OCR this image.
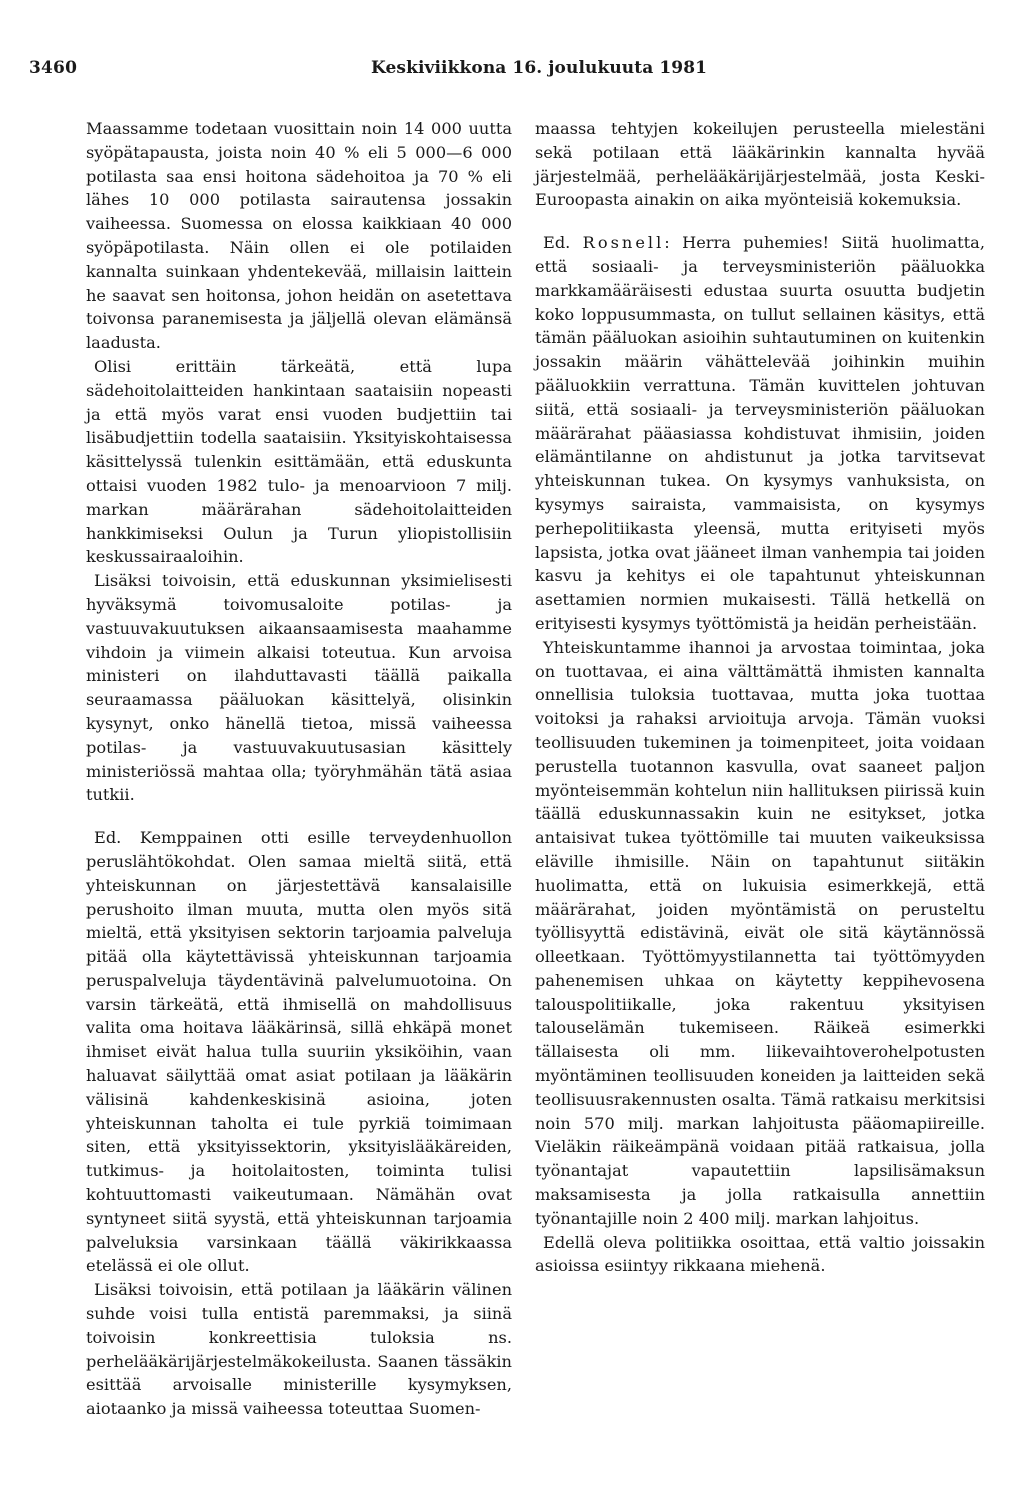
3460	Keskiviikkona 16. joulukuuta 1981

Maassamme todetaan vuosittain noin 14 000 uutta syöpätapausta, joista noin 40 % eli 5 000—6 000 potilasta saa ensi hoitona sädehoitoa ja 70 % eli lähes 10 000 potilasta sairautensa jossakin vaiheessa. Suomessa on elossa kaikkiaan 40 000 syöpäpotilasta. Näin ollen ei ole potilaiden kannalta suinkaan yhdentekevää, millaisin laittein he saavat sen hoitonsa, johon heidän on asetettava toivonsa paranemisesta ja jäljellä olevan elämänsä laadusta.

Olisi erittäin tärkeätä, että lupa sädehoitolaitteiden hankintaan saataisiin nopeasti ja että myös varat ensi vuoden budjettiin tai lisäbudjettiin todella saataisiin. Yksityiskohtaisessa käsittelyssä tulenkin esittämään, että eduskunta ottaisi vuoden 1982 tulo- ja menoarvioon 7 milj. markan määrärahan sädehoitolaitteiden hankkimiseksi Oulun ja Turun yliopistollisiin keskussairaaloihin.

Lisäksi toivoisin, että eduskunnan yksimielisesti hyväksymä toivomusaloite potilas- ja vastuuvakuutuksen aikaansaamisesta maahamme vihdoin ja viimein alkaisi toteutua. Kun arvoisa ministeri on ilahduttavasti täällä paikalla seuraamassa pääluokan käsittelyä, olisinkin kysynyt, onko hänellä tietoa, missä vaiheessa potilas- ja vastuuvakuutusasian käsittely ministeriössä mahtaa olla; työryhmähän tätä asiaa tutkii.

Ed. Kemppainen otti esille terveydenhuollon peruslähtökohdat. Olen samaa mieltä siitä, että yhteiskunnan on järjestettävä kansalaisille perushoito ilman muuta, mutta olen myös sitä mieltä, että yksityisen sektorin tarjoamia palveluja pitää olla käytettävissä yhteiskunnan tarjoamia peruspalveluja täydentävinä palvelumuotoina. On varsin tärkeätä, että ihmisellä on mahdollisuus valita oma hoitava lääkärinsä, sillä ehkäpä monet ihmiset eivät halua tulla suuriin yksiköihin, vaan haluavat säilyttää omat asiat potilaan ja lääkärin välisinä kahdenkeskisinä asioina, joten yhteiskunnan taholta ei tule pyrkiä toimimaan siten, että yksityissektorin, yksityislääkäreiden, tutkimus- ja hoitolaitosten, toiminta tulisi kohtuuttomasti vaikeutumaan. Nämähän ovat syntyneet siitä syystä, että yhteiskunnan tarjoamia palveluksia varsinkaan täällä väkirikkaassa etelässä ei ole ollut.

Lisäksi toivoisin, että potilaan ja lääkärin välinen suhde voisi tulla entistä paremmaksi, ja siinä toivoisin konkreettisia tuloksia ns. perhelääkärijärjestelmäkokeilusta. Saanen tässäkin esittää arvoisalle ministerille kysymyksen, aiotaanko ja missä vaiheessa toteuttaa Suomen-

maassa tehtyjen kokeilujen perusteella mielestäni sekä potilaan että lääkärinkin kannalta hyvää järjestelmää, perhelääkärijärjestelmää, josta Keski-Euroopasta ainakin on aika myönteisiä kokemuksia.

Ed. Rosnell: Herra puhemies! Siitä huolimatta, että sosiaali- ja terveysministeriön pääluokka markkamääräisesti edustaa suurta osuutta budjetin koko loppusummasta, on tullut sellainen käsitys, että tämän pääluokan asioihin suhtautuminen on kuitenkin jossakin määrin vähättelevää joihinkin muihin pääluokkiin verrattuna. Tämän kuvittelen johtuvan siitä, että sosiaali- ja terveysministeriön pääluokan määrärahat pääasiassa kohdistuvat ihmisiin, joiden elämäntilanne on ahdistunut ja jotka tarvitsevat yhteiskunnan tukea. On kysymys vanhuksista, on kysymys sairaista, vammaisista, on kysymys perhepolitiikasta yleensä, mutta erityiseti myös lapsista, jotka ovat jääneet ilman vanhempia tai joiden kasvu ja kehitys ei ole tapahtunut yhteiskunnan asettamien normien mukaisesti. Tällä hetkellä on erityisesti kysymys työttömistä ja heidän perheistään.

Yhteiskuntamme ihannoi ja arvostaa toimintaa, joka on tuottavaa, ei aina välttämättä ihmisten kannalta onnellisia tuloksia tuottavaa, mutta joka tuottaa voitoksi ja rahaksi arvioituja arvoja. Tämän vuoksi teollisuuden tukeminen ja toimenpiteet, joita voidaan perustella tuotannon kasvulla, ovat saaneet paljon myönteisemmän kohtelun niin hallituksen piirissä kuin täällä eduskunnassakin kuin ne esitykset, jotka antaisivat tukea työttömille tai muuten vaikeuksissa eläville ihmisille. Näin on tapahtunut siitäkin huolimatta, että on lukuisia esimerkkejä, että määrärahat, joiden myöntämistä on perusteltu työllisyyttä edistävinä, eivät ole sitä käytännössä olleetkaan. Työttömyystilannetta tai työttömyyden pahenemisen uhkaa on käytetty keppihevosena talouspolitiikalle, joka rakentuu yksityisen talouselämän tukemiseen. Räikeä esimerkki tällaisesta oli mm. liikevaihtoverohelpotusten myöntäminen teollisuuden koneiden ja laitteiden sekä teollisuusrakennusten osalta. Tämä ratkaisu merkitsisi noin 570 milj. markan lahjoitusta pääomapiireille. Vieläkin räikeämpänä voidaan pitää ratkaisua, jolla työnantajat vapautettiin lapsilisämaksun maksamisesta ja jolla ratkaisulla annettiin työnantajille noin 2 400 milj. markan lahjoitus.

Edellä oleva politiikka osoittaa, että valtio joissakin asioissa esiintyy rikkaana miehenä.
